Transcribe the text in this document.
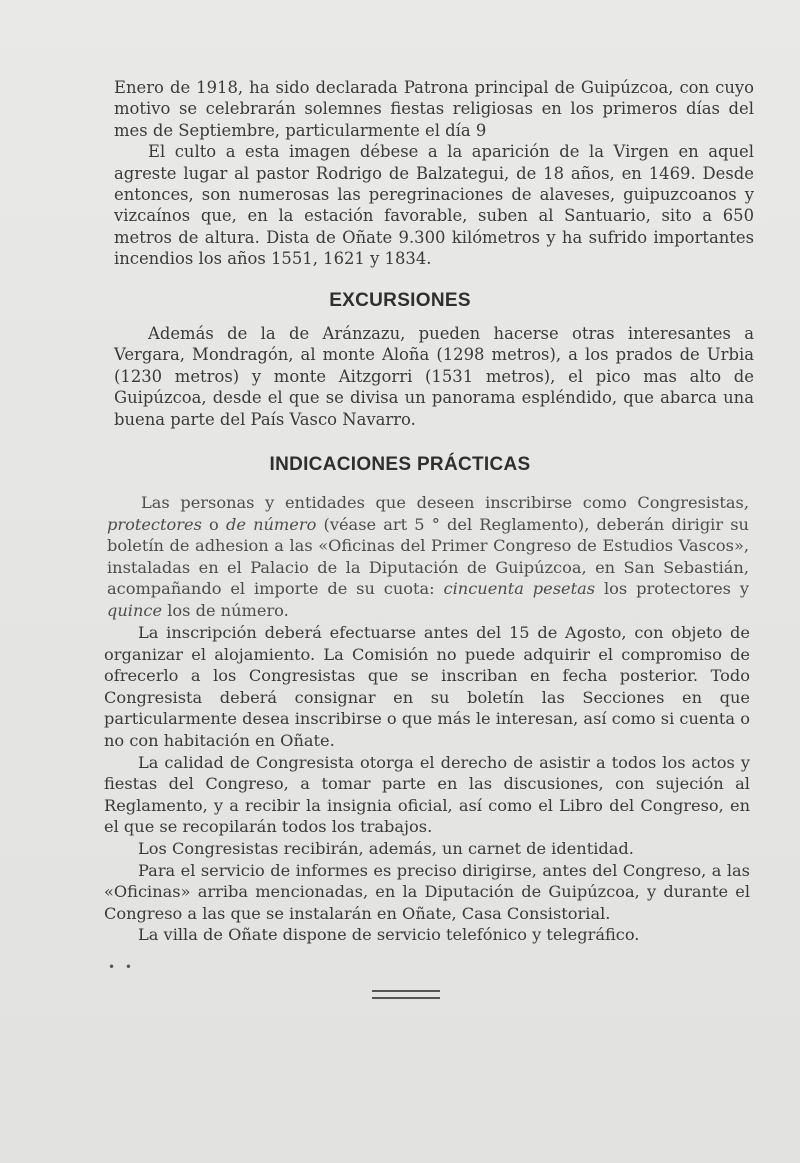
Enero de 1918, ha sido declarada Patrona principal de Guipúzcoa, con cuyo motivo se celebrarán solemnes fiestas religiosas en los primeros días del mes de Septiembre, particularmente el día 9

El culto a esta imagen débese a la aparición de la Virgen en aquel agreste lugar al pastor Rodrigo de Balzategui, de 18 años, en 1469. Desde entonces, son numerosas las peregrinaciones de alaveses, guipuzcoanos y vizcaínos que, en la estación favorable, suben al Santuario, sito a 650 metros de altura. Dista de Oñate 9.300 kilómetros y ha sufrido importantes incendios los años 1551, 1621 y 1834.

EXCURSIONES

Además de la de Aránzazu, pueden hacerse otras interesantes a Vergara, Mondragón, al monte Aloña (1298 metros), a los prados de Urbia (1230 metros) y monte Aitzgorri (1531 metros), el pico mas alto de Guipúzcoa, desde el que se divisa un panorama espléndido, que abarca una buena parte del País Vasco Navarro.

INDICACIONES PRÁCTICAS

Las personas y entidades que deseen inscribirse como Congresistas, protectores o de número (véase art 5 ° del Reglamento), deberán dirigir su boletín de adhesion a las «Oficinas del Primer Congreso de Estudios Vascos», instaladas en el Palacio de la Diputación de Guipúzcoa, en San Sebastián, acompañando el importe de su cuota: cincuenta pesetas los protectores y quince los de número.

La inscripción deberá efectuarse antes del 15 de Agosto, con objeto de organizar el alojamiento. La Comisión no puede adquirir el compromiso de ofrecerlo a los Congresistas que se inscriban en fecha posterior. Todo Congresista deberá consignar en su boletín las Secciones en que particularmente desea inscribirse o que más le interesan, así como si cuenta o no con habitación en Oñate.

La calidad de Congresista otorga el derecho de asistir a todos los actos y fiestas del Congreso, a tomar parte en las discusiones, con sujeción al Reglamento, y a recibir la insignia oficial, así como el Libro del Congreso, en el que se recopilarán todos los trabajos.

Los Congresistas recibirán, además, un carnet de identidad.

Para el servicio de informes es preciso dirigirse, antes del Congreso, a las «Oficinas» arriba mencionadas, en la Diputación de Guipúzcoa, y durante el Congreso a las que se instalarán en Oñate, Casa Consistorial.

La villa de Oñate dispone de servicio telefónico y telegráfico.

• •
